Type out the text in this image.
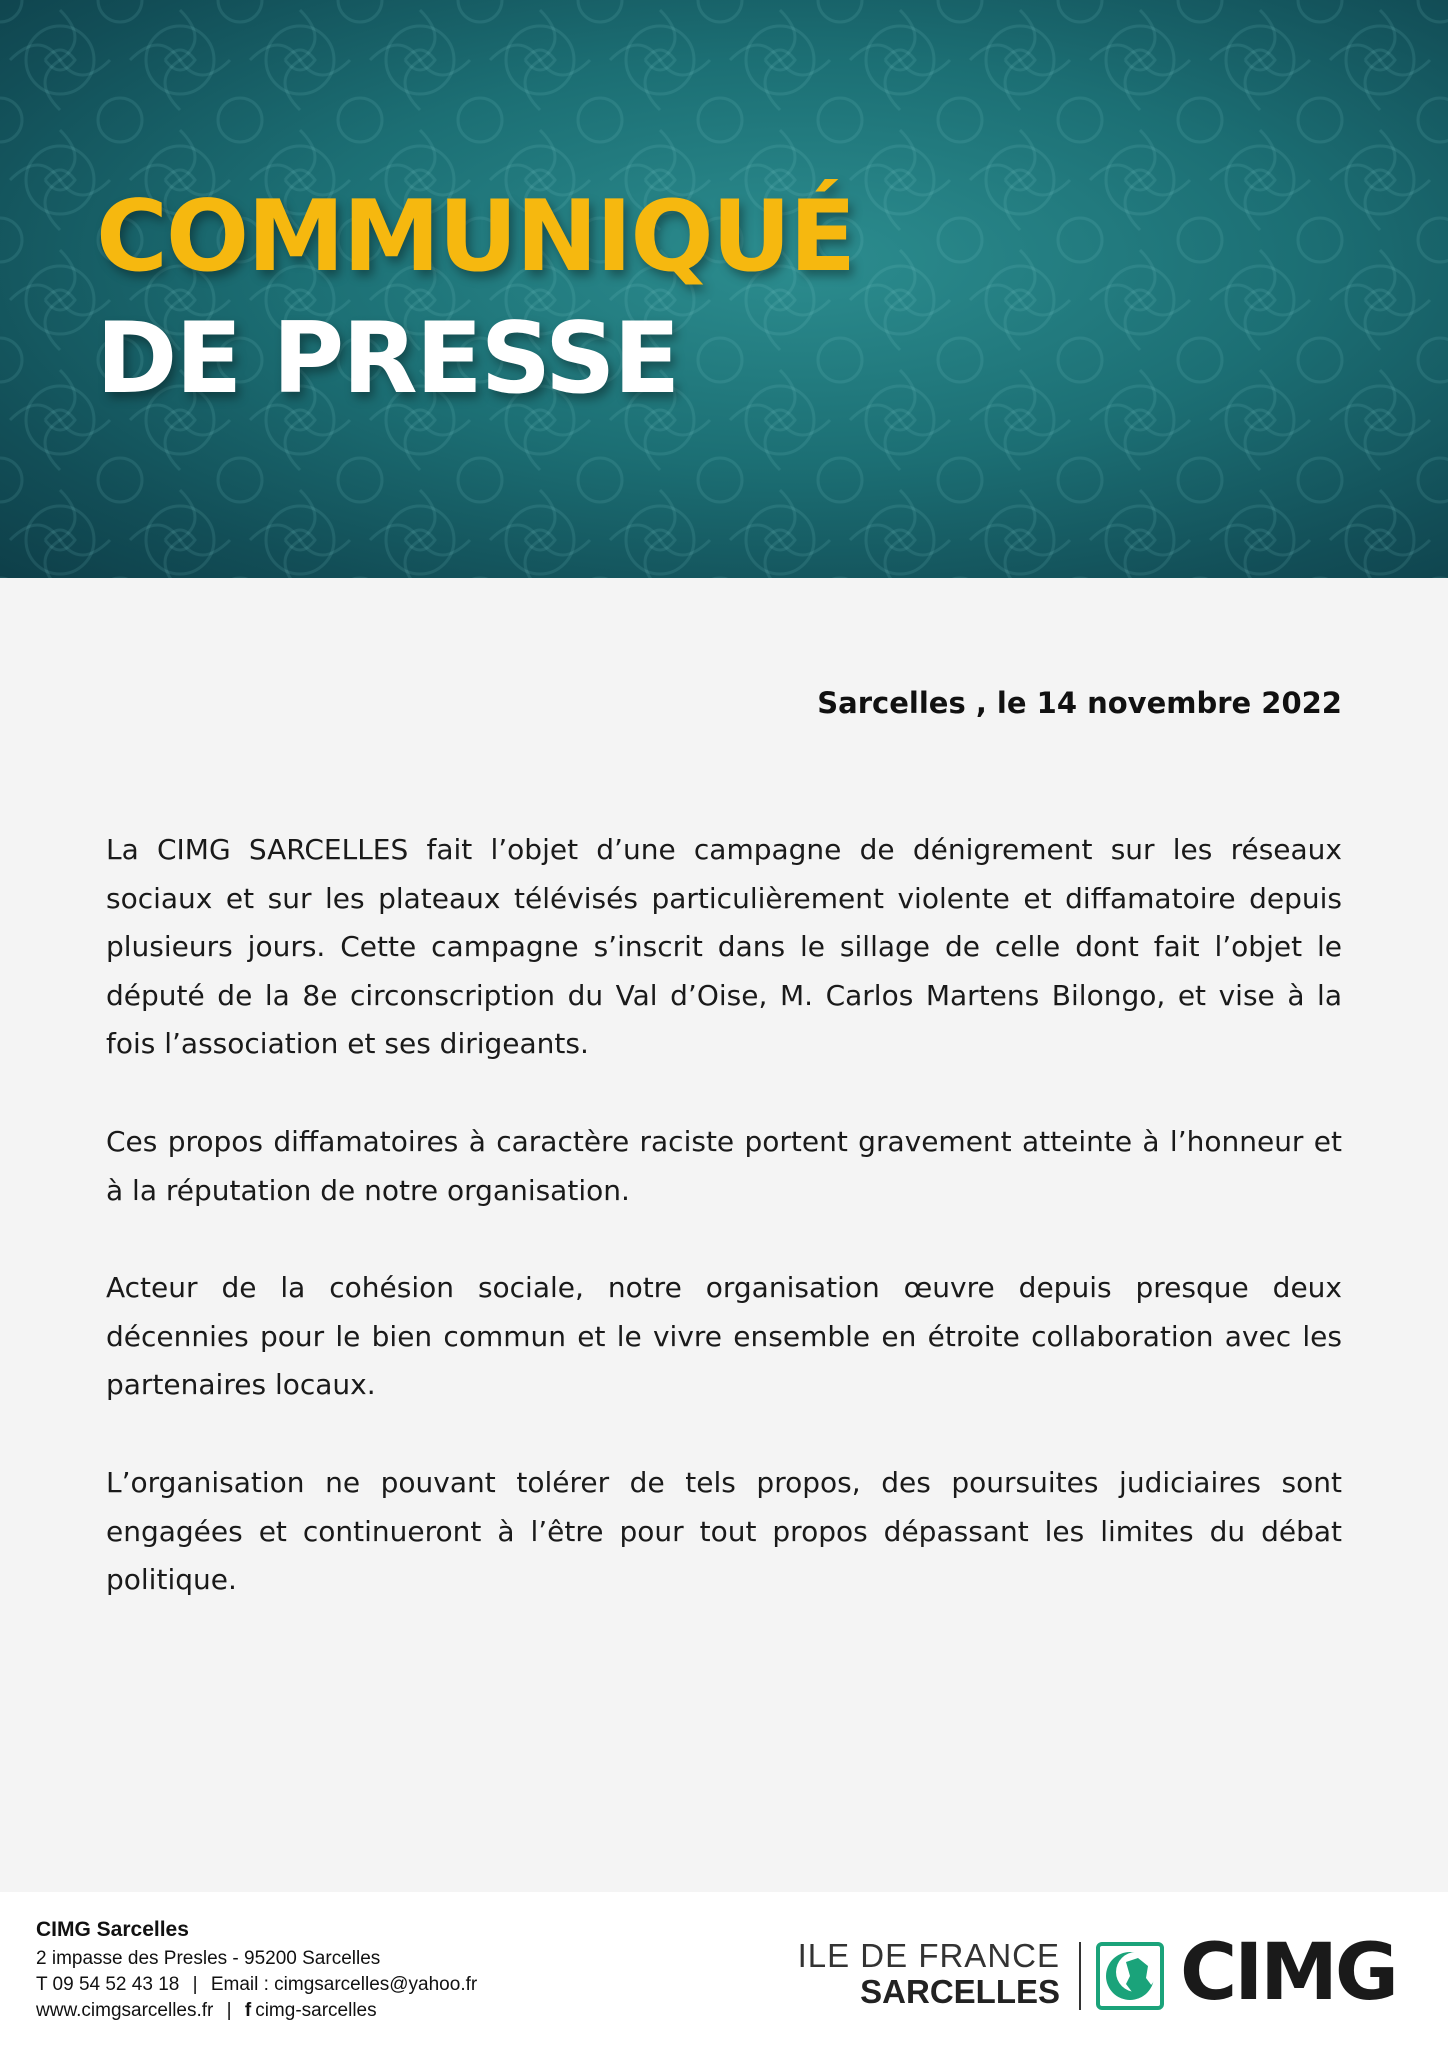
COMMUNIQUÉ
DE PRESSE
Sarcelles , le 14 novembre 2022

La CIMG SARCELLES fait l’objet d’une campagne de dénigrement sur les réseaux sociaux et sur les plateaux télévisés particulièrement violente et diffamatoire depuis plusieurs jours. Cette campagne s’inscrit dans le sillage de celle dont fait l’objet le député de la 8e circonscription du Val d’Oise, M. Carlos Martens Bilongo, et vise à la fois l’association et ses dirigeants.

Ces propos diffamatoires à caractère raciste portent gravement atteinte à l’honneur et à la réputation de notre organisation.

Acteur de la cohésion sociale, notre organisation œuvre depuis presque deux décennies pour le bien commun et le vivre ensemble en étroite collaboration avec les partenaires locaux.

L’organisation ne pouvant tolérer de tels propos, des poursuites judiciaires sont engagées et continueront à l’être pour tout propos dépassant les limites du débat politique.

CIMG Sarcelles
2 impasse des Presles - 95200 Sarcelles
T 09 54 52 43 18 | Email : cimgsarcelles@yahoo.fr
www.cimgsarcelles.fr | f cimg-sarcelles
ILE DE FRANCE
SARCELLES CIMG
